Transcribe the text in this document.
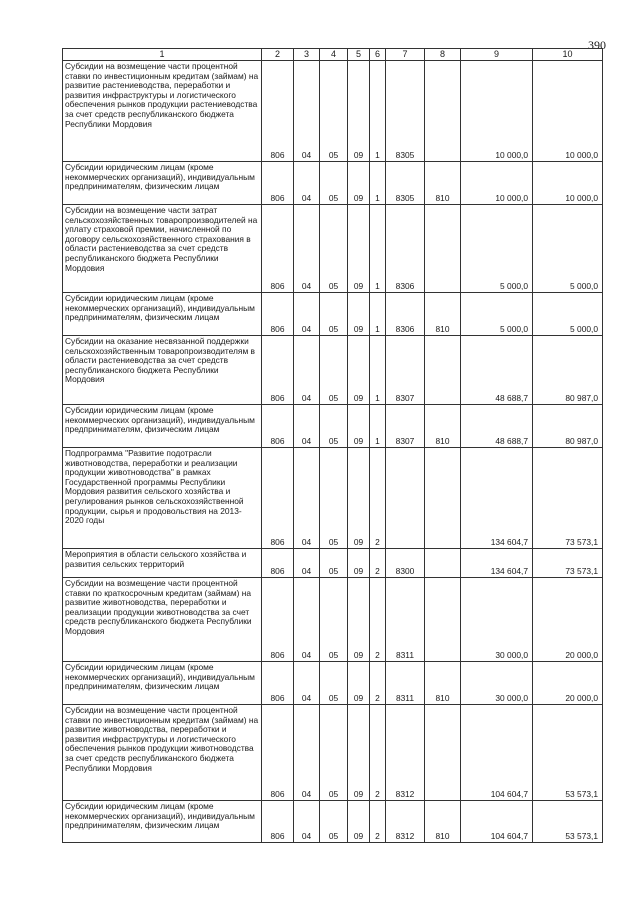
390
1	2	3	4	5	6	7	8	9	10
Субсидии на возмещение части процентной ставки по инвестиционным кредитам (займам) на развитие растениеводства, переработки и развития инфраструктуры и логистического обеспечения рынков продукции растениеводства за счет средств республиканского бюджета Республики Мордовия	806	04	05	09	1	8305		10 000,0	10 000,0
Субсидии юридическим лицам (кроме некоммерческих организаций), индивидуальным предпринимателям, физическим лицам	806	04	05	09	1	8305	810	10 000,0	10 000,0
Субсидии на возмещение части затрат сельскохозяйственных товаропроизводителей на уплату страховой премии, начисленной по договору сельскохозяйственного страхования в области растениеводства за счет средств республиканского бюджета Республики Мордовия	806	04	05	09	1	8306		5 000,0	5 000,0
Субсидии юридическим лицам (кроме некоммерческих организаций), индивидуальным предпринимателям, физическим лицам	806	04	05	09	1	8306	810	5 000,0	5 000,0
Субсидии на оказание несвязанной поддержки сельскохозяйственным товаропроизводителям в области растениеводства за счет средств республиканского бюджета Республики Мордовия	806	04	05	09	1	8307		48 688,7	80 987,0
Субсидии юридическим лицам (кроме некоммерческих организаций), индивидуальным предпринимателям, физическим лицам	806	04	05	09	1	8307	810	48 688,7	80 987,0
Подпрограмма "Развитие подотрасли животноводства, переработки и реализации продукции животноводства" в рамках Государственной программы Республики Мордовия развития сельского хозяйства и регулирования рынков сельскохозяйственной продукции, сырья и продовольствия на 2013-2020 годы	806	04	05	09	2			134 604,7	73 573,1
Мероприятия в области сельского хозяйства и развития сельских территорий	806	04	05	09	2	8300		134 604,7	73 573,1
Субсидии на возмещение части процентной ставки по краткосрочным кредитам (займам) на развитие животноводства, переработки и реализации продукции животноводства за счет средств республиканского бюджета Республики Мордовия	806	04	05	09	2	8311		30 000,0	20 000,0
Субсидии юридическим лицам (кроме некоммерческих организаций), индивидуальным предпринимателям, физическим лицам	806	04	05	09	2	8311	810	30 000,0	20 000,0
Субсидии на возмещение части процентной ставки по инвестиционным кредитам (займам) на развитие животноводства, переработки и развития инфраструктуры и логистического обеспечения рынков продукции животноводства за счет средств республиканского бюджета Республики Мордовия	806	04	05	09	2	8312		104 604,7	53 573,1
Субсидии юридическим лицам (кроме некоммерческих организаций), индивидуальным предпринимателям, физическим лицам	806	04	05	09	2	8312	810	104 604,7	53 573,1
